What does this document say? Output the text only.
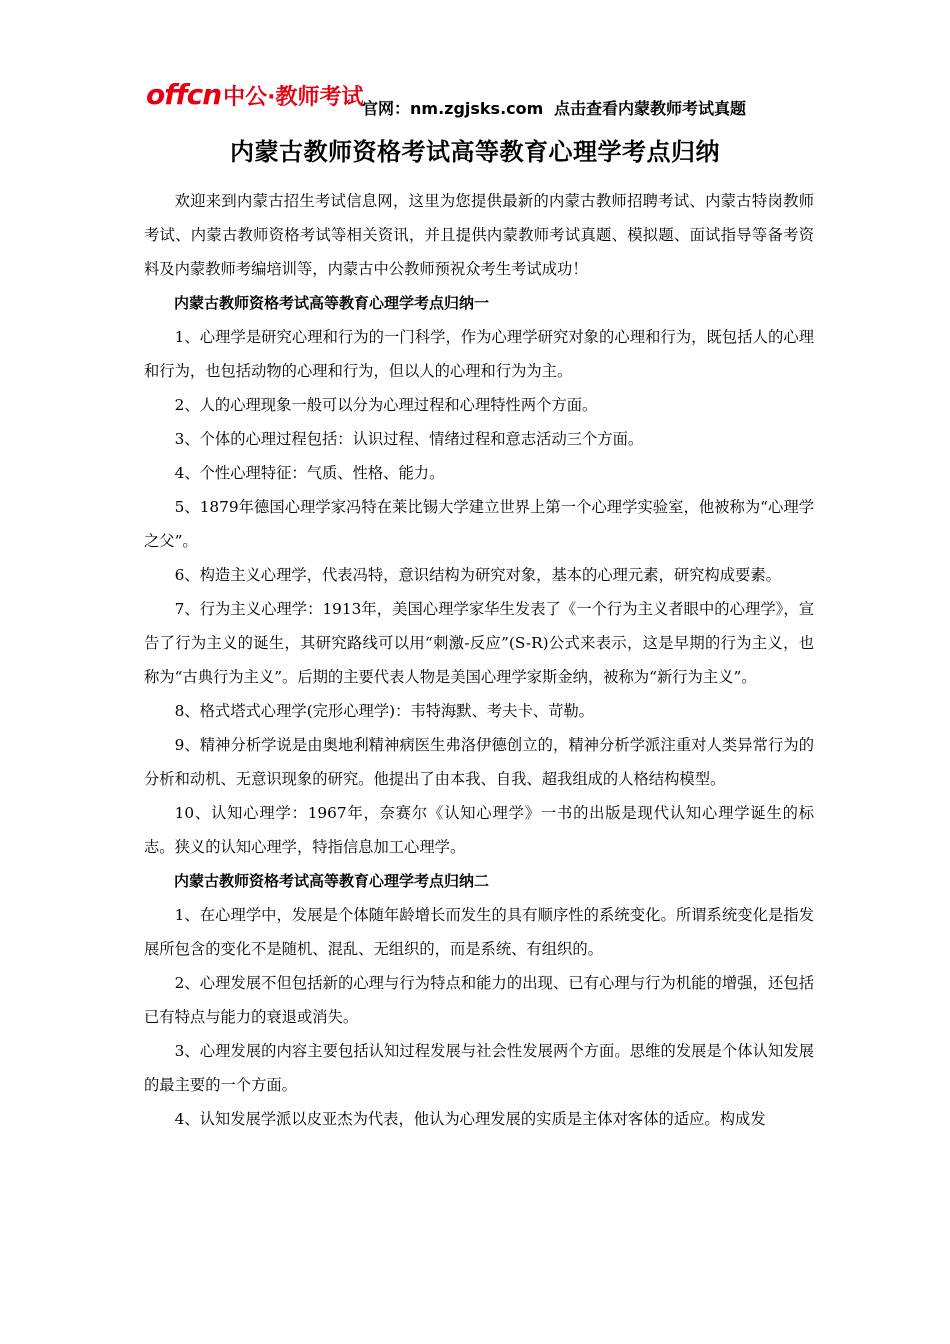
offcn中公·教师考试
官网：nm.zgjsks.com 点击查看内蒙教师考试真题
内蒙古教师资格考试高等教育心理学考点归纳

欢迎来到内蒙古招生考试信息网，这里为您提供最新的内蒙古教师招聘考试、内蒙古特岗教师考试、内蒙古教师资格考试等相关资讯，并且提供内蒙教师考试真题、模拟题、面试指导等备考资料及内蒙教师考编培训等，内蒙古中公教师预祝众考生考试成功！

内蒙古教师资格考试高等教育心理学考点归纳一

1、心理学是研究心理和行为的一门科学，作为心理学研究对象的心理和行为，既包括人的心理和行为，也包括动物的心理和行为，但以人的心理和行为为主。

2、人的心理现象一般可以分为心理过程和心理特性两个方面。

3、个体的心理过程包括：认识过程、情绪过程和意志活动三个方面。

4、个性心理特征：气质、性格、能力。

5、1879年德国心理学家冯特在莱比锡大学建立世界上第一个心理学实验室，他被称为“心理学之父”。

6、构造主义心理学，代表冯特，意识结构为研究对象，基本的心理元素，研究构成要素。

7、行为主义心理学：1913年，美国心理学家华生发表了《一个行为主义者眼中的心理学》，宣告了行为主义的诞生，其研究路线可以用“刺激-反应”(S-R)公式来表示，这是早期的行为主义，也称为“古典行为主义”。后期的主要代表人物是美国心理学家斯金纳，被称为“新行为主义”。

8、格式塔式心理学(完形心理学)：韦特海默、考夫卡、苛勒。

9、精神分析学说是由奥地利精神病医生弗洛伊德创立的，精神分析学派注重对人类异常行为的分析和动机、无意识现象的研究。他提出了由本我、自我、超我组成的人格结构模型。

10、认知心理学：1967年，奈赛尔《认知心理学》一书的出版是现代认知心理学诞生的标志。狭义的认知心理学，特指信息加工心理学。

内蒙古教师资格考试高等教育心理学考点归纳二

1、在心理学中，发展是个体随年龄增长而发生的具有顺序性的系统变化。所谓系统变化是指发展所包含的变化不是随机、混乱、无组织的，而是系统、有组织的。

2、心理发展不但包括新的心理与行为特点和能力的出现、已有心理与行为机能的增强，还包括已有特点与能力的衰退或消失。

3、心理发展的内容主要包括认知过程发展与社会性发展两个方面。思维的发展是个体认知发展的最主要的一个方面。

4、认知发展学派以皮亚杰为代表，他认为心理发展的实质是主体对客体的适应。构成发
